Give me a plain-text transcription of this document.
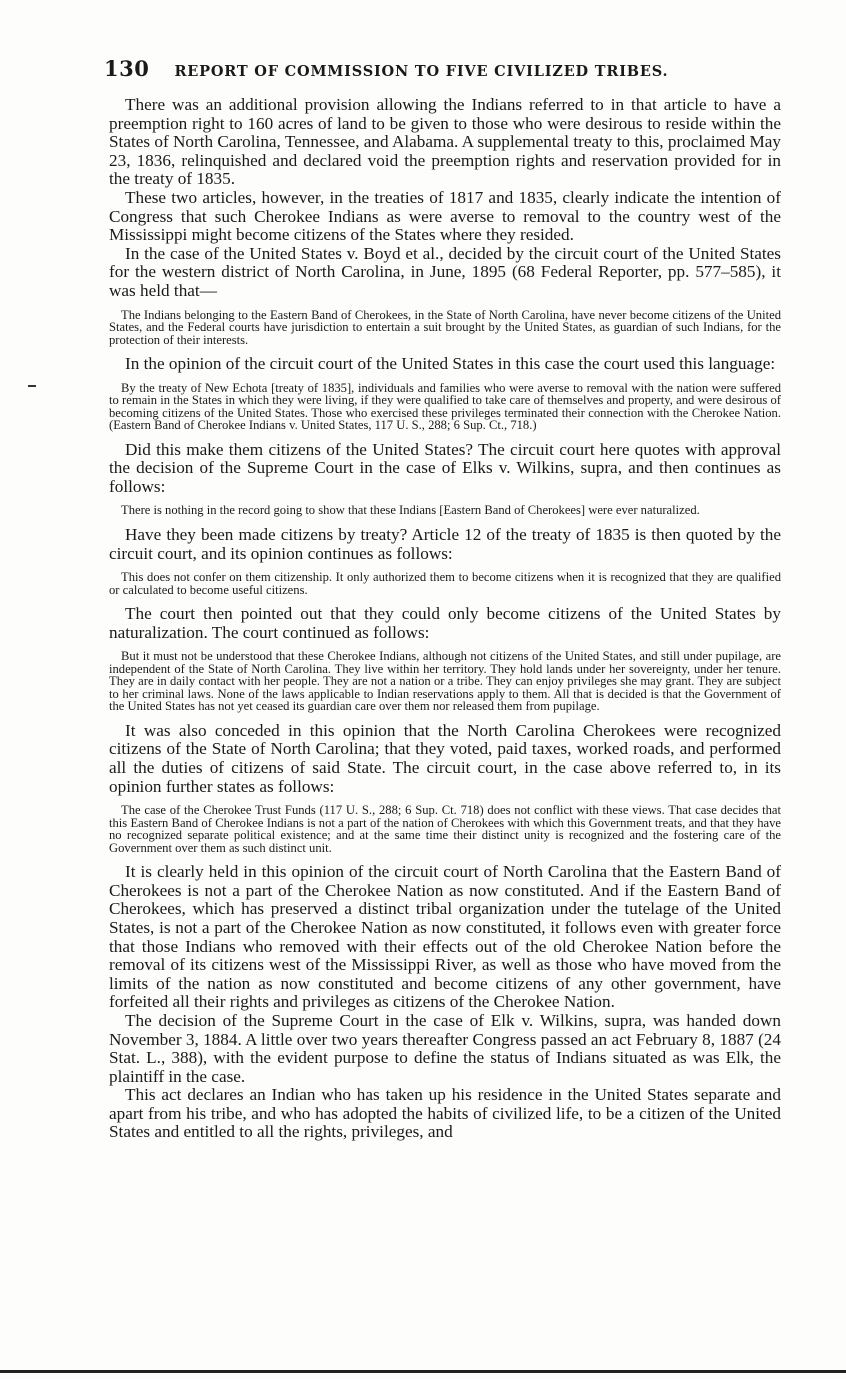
130 REPORT OF COMMISSION TO FIVE CIVILIZED TRIBES.

There was an additional provision allowing the Indians referred to in that article to have a preemption right to 160 acres of land to be given to those who were desirous to reside within the States of North Carolina, Tennessee, and Alabama. A supplemental treaty to this, proclaimed May 23, 1836, relinquished and declared void the preemption rights and reservation provided for in the treaty of 1835.

These two articles, however, in the treaties of 1817 and 1835, clearly indicate the intention of Congress that such Cherokee Indians as were averse to removal to the country west of the Mississippi might become citizens of the States where they resided.

In the case of the United States v. Boyd et al., decided by the circuit court of the United States for the western district of North Carolina, in June, 1895 (68 Federal Reporter, pp. 577–585), it was held that—

The Indians belonging to the Eastern Band of Cherokees, in the State of North Carolina, have never become citizens of the United States, and the Federal courts have jurisdiction to entertain a suit brought by the United States, as guardian of such Indians, for the protection of their interests.

In the opinion of the circuit court of the United States in this case the court used this language:

By the treaty of New Echota [treaty of 1835], individuals and families who were averse to removal with the nation were suffered to remain in the States in which they were living, if they were qualified to take care of themselves and property, and were desirous of becoming citizens of the United States. Those who exercised these privileges terminated their connection with the Cherokee Nation. (Eastern Band of Cherokee Indians v. United States, 117 U. S., 288; 6 Sup. Ct., 718.)

Did this make them citizens of the United States? The circuit court here quotes with approval the decision of the Supreme Court in the case of Elks v. Wilkins, supra, and then continues as follows:

There is nothing in the record going to show that these Indians [Eastern Band of Cherokees] were ever naturalized.

Have they been made citizens by treaty? Article 12 of the treaty of 1835 is then quoted by the circuit court, and its opinion continues as follows:

This does not confer on them citizenship. It only authorized them to become citizens when it is recognized that they are qualified or calculated to become useful citizens.

The court then pointed out that they could only become citizens of the United States by naturalization. The court continued as follows:

But it must not be understood that these Cherokee Indians, although not citizens of the United States, and still under pupilage, are independent of the State of North Carolina. They live within her territory. They hold lands under her sovereignty, under her tenure. They are in daily contact with her people. They are not a nation or a tribe. They can enjoy privileges she may grant. They are subject to her criminal laws. None of the laws applicable to Indian reservations apply to them. All that is decided is that the Government of the United States has not yet ceased its guardian care over them nor released them from pupilage.

It was also conceded in this opinion that the North Carolina Cherokees were recognized citizens of the State of North Carolina; that they voted, paid taxes, worked roads, and performed all the duties of citizens of said State. The circuit court, in the case above referred to, in its opinion further states as follows:

The case of the Cherokee Trust Funds (117 U. S., 288; 6 Sup. Ct. 718) does not conflict with these views. That case decides that this Eastern Band of Cherokee Indians is not a part of the nation of Cherokees with which this Government treats, and that they have no recognized separate political existence; and at the same time their distinct unity is recognized and the fostering care of the Government over them as such distinct unit.

It is clearly held in this opinion of the circuit court of North Carolina that the Eastern Band of Cherokees is not a part of the Cherokee Nation as now constituted. And if the Eastern Band of Cherokees, which has preserved a distinct tribal organization under the tutelage of the United States, is not a part of the Cherokee Nation as now constituted, it follows even with greater force that those Indians who removed with their effects out of the old Cherokee Nation before the removal of its citizens west of the Mississippi River, as well as those who have moved from the limits of the nation as now constituted and become citizens of any other government, have forfeited all their rights and privileges as citizens of the Cherokee Nation.

The decision of the Supreme Court in the case of Elk v. Wilkins, supra, was handed down November 3, 1884. A little over two years thereafter Congress passed an act February 8, 1887 (24 Stat. L., 388), with the evident purpose to define the status of Indians situated as was Elk, the plaintiff in the case.

This act declares an Indian who has taken up his residence in the United States separate and apart from his tribe, and who has adopted the habits of civilized life, to be a citizen of the United States and entitled to all the rights, privileges, and
